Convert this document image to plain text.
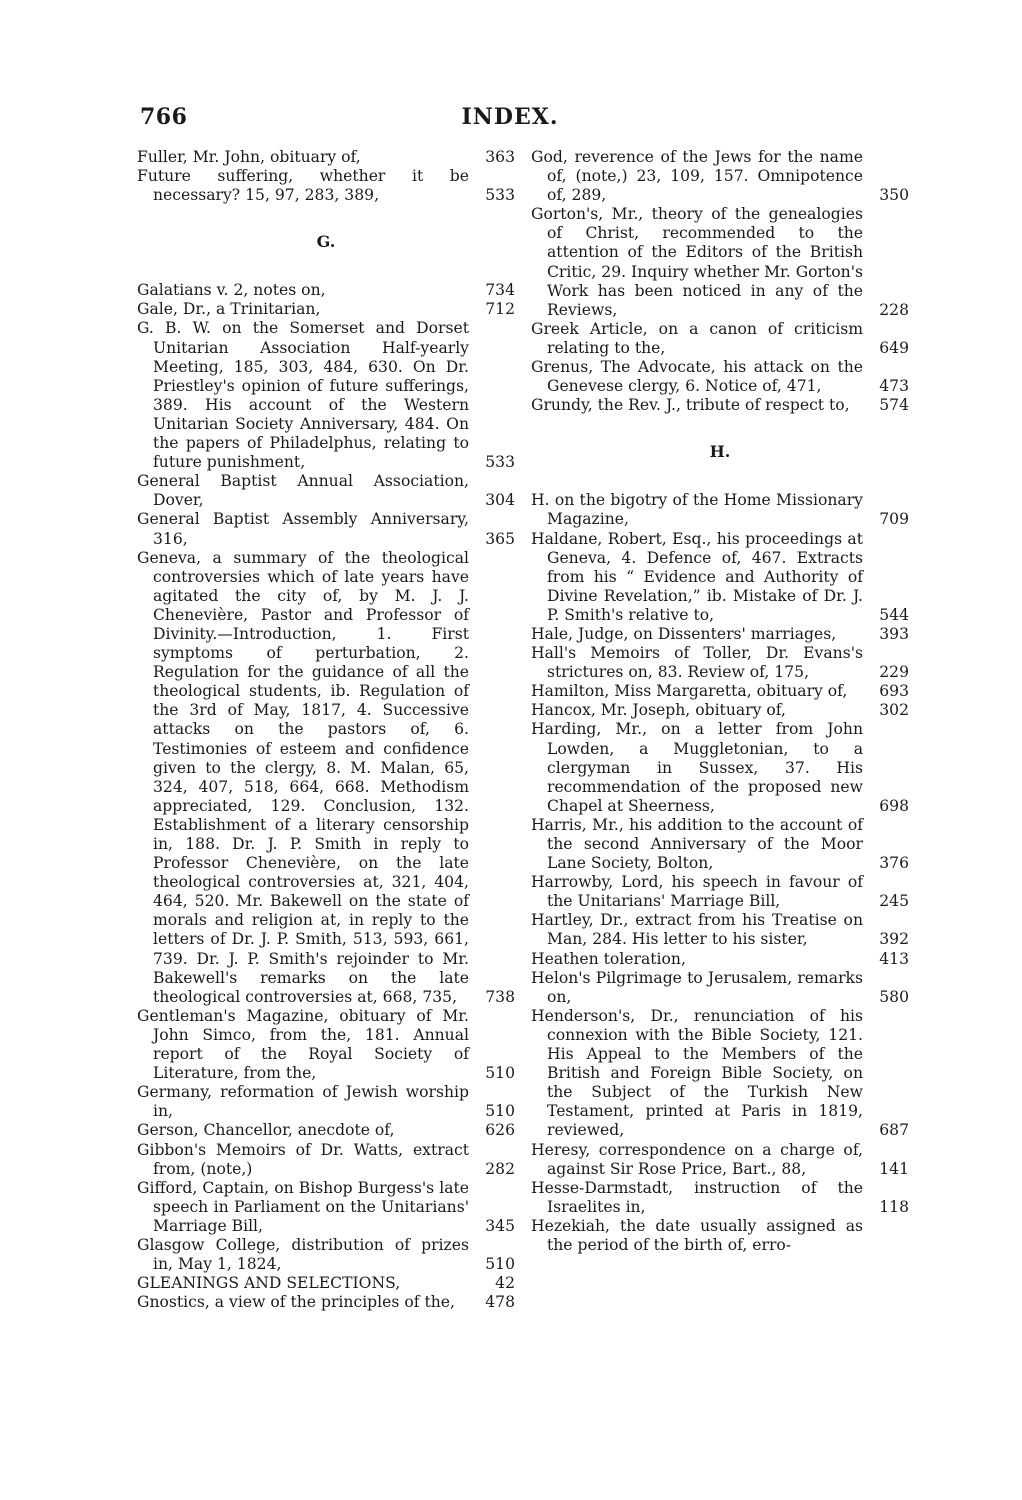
766	INDEX.
Fuller, Mr. John, obituary of,	363
Future suffering, whether it be necessary? 15, 97, 283, 389,	533
G.
Galatians v. 2, notes on,	734
Gale, Dr., a Trinitarian,	712
G. B. W. on the Somerset and Dorset Unitarian Association Half-yearly Meeting, 185, 303, 484, 630. On Dr. Priestley's opinion of future sufferings, 389. His account of the Western Unitarian Society Anniversary, 484. On the papers of Philadelphus, relating to future punishment,	533
General Baptist Annual Association, Dover,	304
General Baptist Assembly Anniversary, 316,	365
Geneva, a summary of the theological controversies which of late years have agitated the city of, by M. J. J. Chenevière, Pastor and Professor of Divinity.—Introduction, 1. First symptoms of perturbation, 2. Regulation for the guidance of all the theological students, ib. Regulation of the 3rd of May, 1817, 4. Successive attacks on the pastors of, 6. Testimonies of esteem and confidence given to the clergy, 8. M. Malan, 65, 324, 407, 518, 664, 668. Methodism appreciated, 129. Conclusion, 132. Establishment of a literary censorship in, 188. Dr. J. P. Smith in reply to Professor Chenevière, on the late theological controversies at, 321, 404, 464, 520. Mr. Bakewell on the state of morals and religion at, in reply to the letters of Dr. J. P. Smith, 513, 593, 661, 739. Dr. J. P. Smith's rejoinder to Mr. Bakewell's remarks on the late theological controversies at, 668, 735,	738
Gentleman's Magazine, obituary of Mr. John Simco, from the, 181. Annual report of the Royal Society of Literature, from the,	510
Germany, reformation of Jewish worship in,	510
Gerson, Chancellor, anecdote of,	626
Gibbon's Memoirs of Dr. Watts, extract from, (note,)	282
Gifford, Captain, on Bishop Burgess's late speech in Parliament on the Unitarians' Marriage Bill,	345
Glasgow College, distribution of prizes in, May 1, 1824,	510
GLEANINGS AND SELECTIONS,	42
Gnostics, a view of the principles of the,	478
God, reverence of the Jews for the name of, (note,) 23, 109, 157. Omnipotence of, 289,	350
Gorton's, Mr., theory of the genealogies of Christ, recommended to the attention of the Editors of the British Critic, 29. Inquiry whether Mr. Gorton's Work has been noticed in any of the Reviews,	228
Greek Article, on a canon of criticism relating to the,	649
Grenus, The Advocate, his attack on the Genevese clergy, 6. Notice of, 471,	473
Grundy, the Rev. J., tribute of respect to,	574
H.
H. on the bigotry of the Home Missionary Magazine,	709
Haldane, Robert, Esq., his proceedings at Geneva, 4. Defence of, 467. Extracts from his “ Evidence and Authority of Divine Revelation,” ib. Mistake of Dr. J. P. Smith's relative to,	544
Hale, Judge, on Dissenters' marriages,	393
Hall's Memoirs of Toller, Dr. Evans's strictures on, 83. Review of, 175,	229
Hamilton, Miss Margaretta, obituary of,	693
Hancox, Mr. Joseph, obituary of,	302
Harding, Mr., on a letter from John Lowden, a Muggletonian, to a clergyman in Sussex, 37. His recommendation of the proposed new Chapel at Sheerness,	698
Harris, Mr., his addition to the account of the second Anniversary of the Moor Lane Society, Bolton,	376
Harrowby, Lord, his speech in favour of the Unitarians' Marriage Bill,	245
Hartley, Dr., extract from his Treatise on Man, 284. His letter to his sister,	392
Heathen toleration,	413
Helon's Pilgrimage to Jerusalem, remarks on,	580
Henderson's, Dr., renunciation of his connexion with the Bible Society, 121. His Appeal to the Members of the British and Foreign Bible Society, on the Subject of the Turkish New Testament, printed at Paris in 1819, reviewed,	687
Heresy, correspondence on a charge of, against Sir Rose Price, Bart., 88,	141
Hesse-Darmstadt, instruction of the Israelites in,	118
Hezekiah, the date usually assigned as the period of the birth of, erro-
